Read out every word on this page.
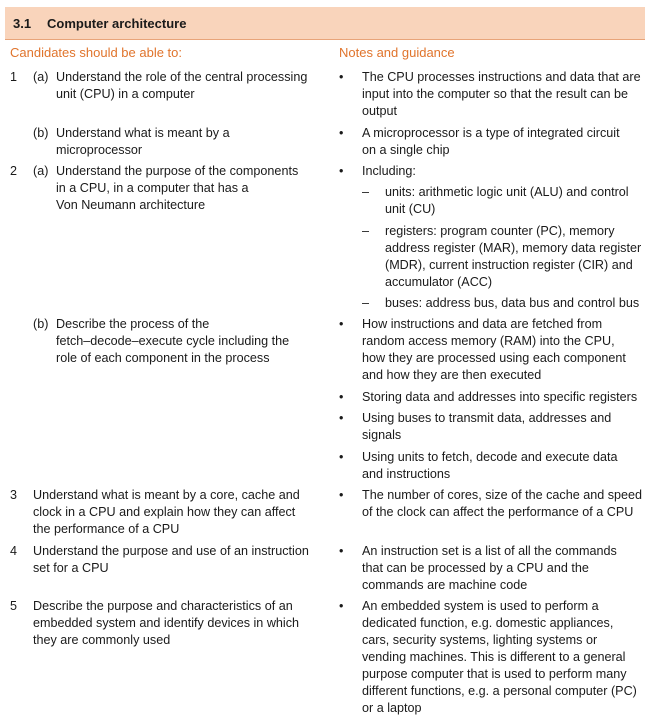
3.1 Computer architecture
Candidates should be able to:	Notes and guidance
1 (a) Understand the role of the central processing
unit (CPU) in a computer
(b) Understand what is meant by a
microprocessor
2 (a) Understand the purpose of the components
in a CPU, in a computer that has a
Von Neumann architecture
(b) Describe the process of the
fetch–decode–execute cycle including the
role of each component in the process
3 Understand what is meant by a core, cache and
clock in a CPU and explain how they can affect
the performance of a CPU
4 Understand the purpose and use of an instruction
set for a CPU
5 Describe the purpose and characteristics of an
embedded system and identify devices in which
they are commonly used
• The CPU processes instructions and data that are
input into the computer so that the result can be
output
• A microprocessor is a type of integrated circuit
on a single chip
• Including:
– units: arithmetic logic unit (ALU) and control
unit (CU)
– registers: program counter (PC), memory
address register (MAR), memory data register
(MDR), current instruction register (CIR) and
accumulator (ACC)
– buses: address bus, data bus and control bus
• How instructions and data are fetched from
random access memory (RAM) into the CPU,
how they are processed using each component
and how they are then executed
• Storing data and addresses into specific registers
• Using buses to transmit data, addresses and
signals
• Using units to fetch, decode and execute data
and instructions
• The number of cores, size of the cache and speed
of the clock can affect the performance of a CPU
• An instruction set is a list of all the commands
that can be processed by a CPU and the
commands are machine code
• An embedded system is used to perform a
dedicated function, e.g. domestic appliances,
cars, security systems, lighting systems or
vending machines. This is different to a general
purpose computer that is used to perform many
different functions, e.g. a personal computer (PC)
or a laptop
